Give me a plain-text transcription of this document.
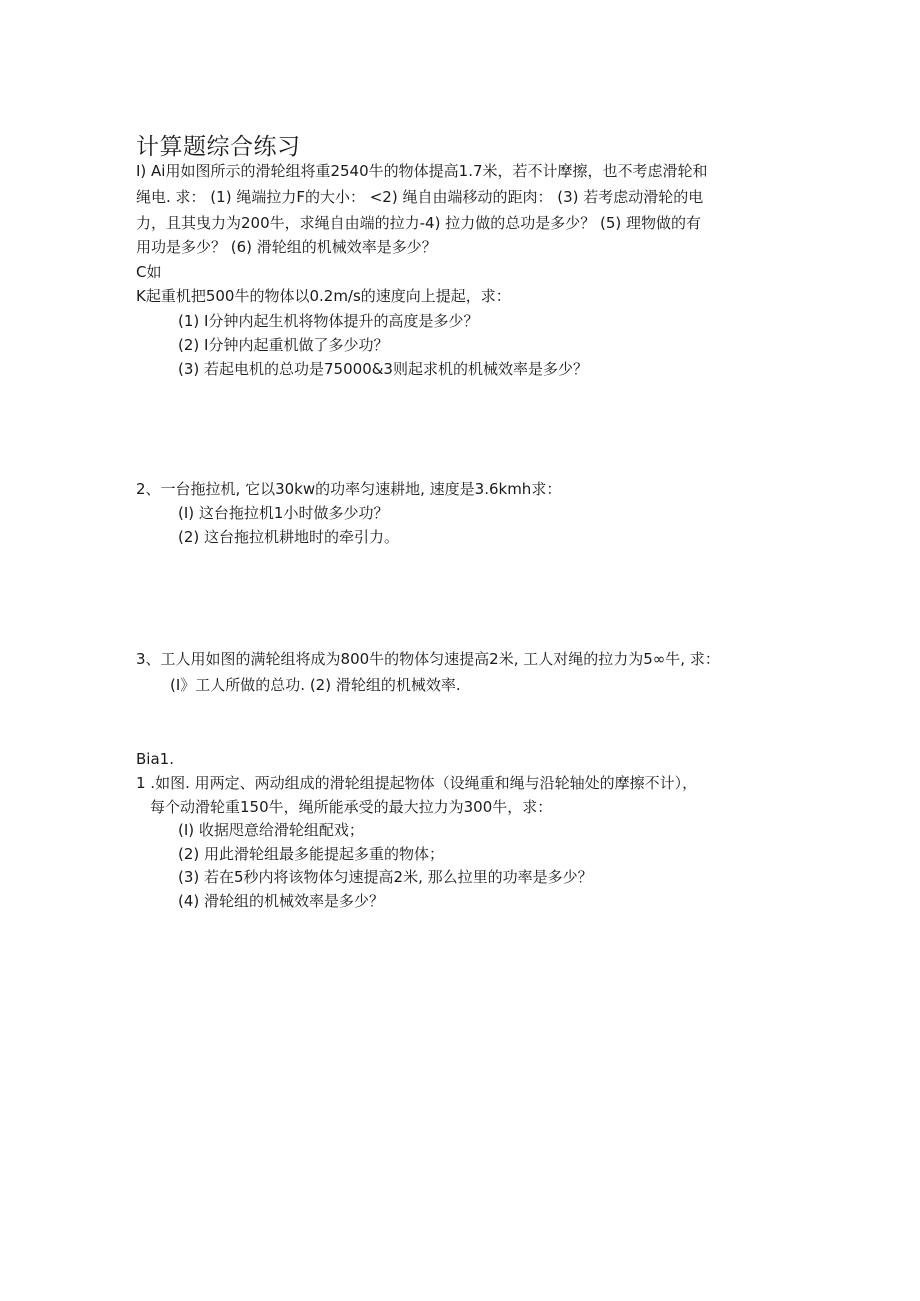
计算题综合练习
I) Ai用如图所示的滑轮组将重2540牛的物体提高1.7米，若不计摩擦，也不考虑滑轮和
绳电. 求： (1) 绳端拉力F的大小： <2) 绳自由端移动的距肉： (3) 若考虑动滑轮的电
力，且其曳力为200牛，求绳自由端的拉力-4) 拉力做的总功是多少？ (5) 理物做的有
用功是多少？ (6) 滑轮组的机械效率是多少？
C如
K起重机把500牛的物体以0.2m/s的速度向上提起，求：
(1) I分钟内起生机将物体提升的高度是多少？
(2) I分钟内起重机做了多少功？
(3) 若起电机的总功是75000&3则起求机的机械效率是多少？
2、一台拖拉机, 它以30kw的功率匀速耕地, 速度是3.6kmh求：
(I) 这台拖拉机1小时做多少功？
(2) 这台拖拉机耕地时的牵引力。
3、工人用如图的满轮组将成为800牛的物体匀速提高2米, 工人对绳的拉力为5∞牛, 求：
(I》工人所做的总功. (2) 滑轮组的机械效率.
Bia1.
1 .如图. 用两定、两动组成的滑轮组提起物体（设绳重和绳与沿轮轴处的摩擦不计），
每个动滑轮重150牛，绳所能承受的最大拉力为300牛，求：
(I) 收据咫意给滑轮组配戏；
(2) 用此滑轮组最多能提起多重的物体；
(3) 若在5秒内将该物体匀速提高2米, 那么拉里的功率是多少？
(4) 滑轮组的机械效率是多少？
